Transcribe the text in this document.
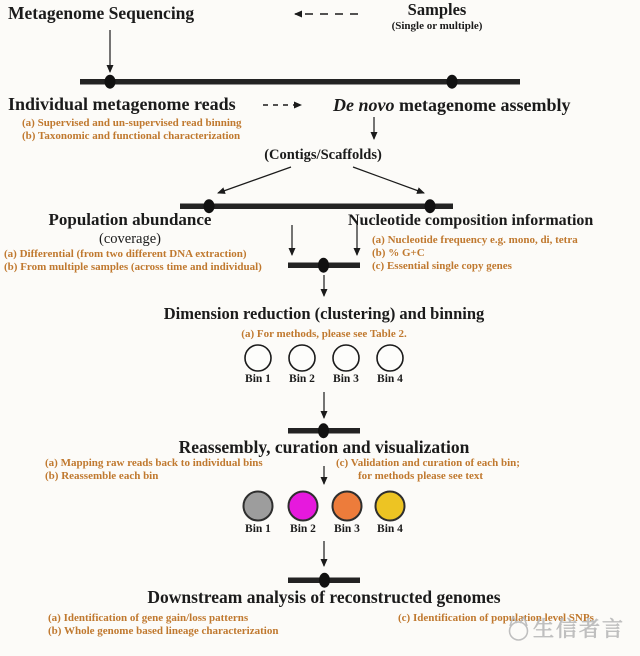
Metagenome Sequencing	Samples
(Single or multiple)
Individual metagenome reads
(a) Supervised and un-supervised read binning
(b) Taxonomic and functional characterization
De novo metagenome assembly
(Contigs/Scaffolds)
Population abundance
(coverage)
(a) Differential (from two different DNA extraction)
(b) From multiple samples (across time and individual)
Nucleotide composition information
(a) Nucleotide frequency e.g. mono, di, tetra
(b) % G+C
(c) Essential single copy genes
Dimension reduction (clustering) and binning
(a) For methods, please see Table 2.
Bin 1	Bin 2	Bin 3	Bin 4
Reassembly, curation and visualization
(a) Mapping raw reads back to individual bins
(b) Reassemble each bin
(c) Validation and curation of each bin;
for methods please see text
Bin 1	Bin 2	Bin 3	Bin 4
Downstream analysis of reconstructed genomes
(a) Identification of gene gain/loss patterns
(b) Whole genome based lineage characterization
(c) Identification of population level SNPs
生信者言
